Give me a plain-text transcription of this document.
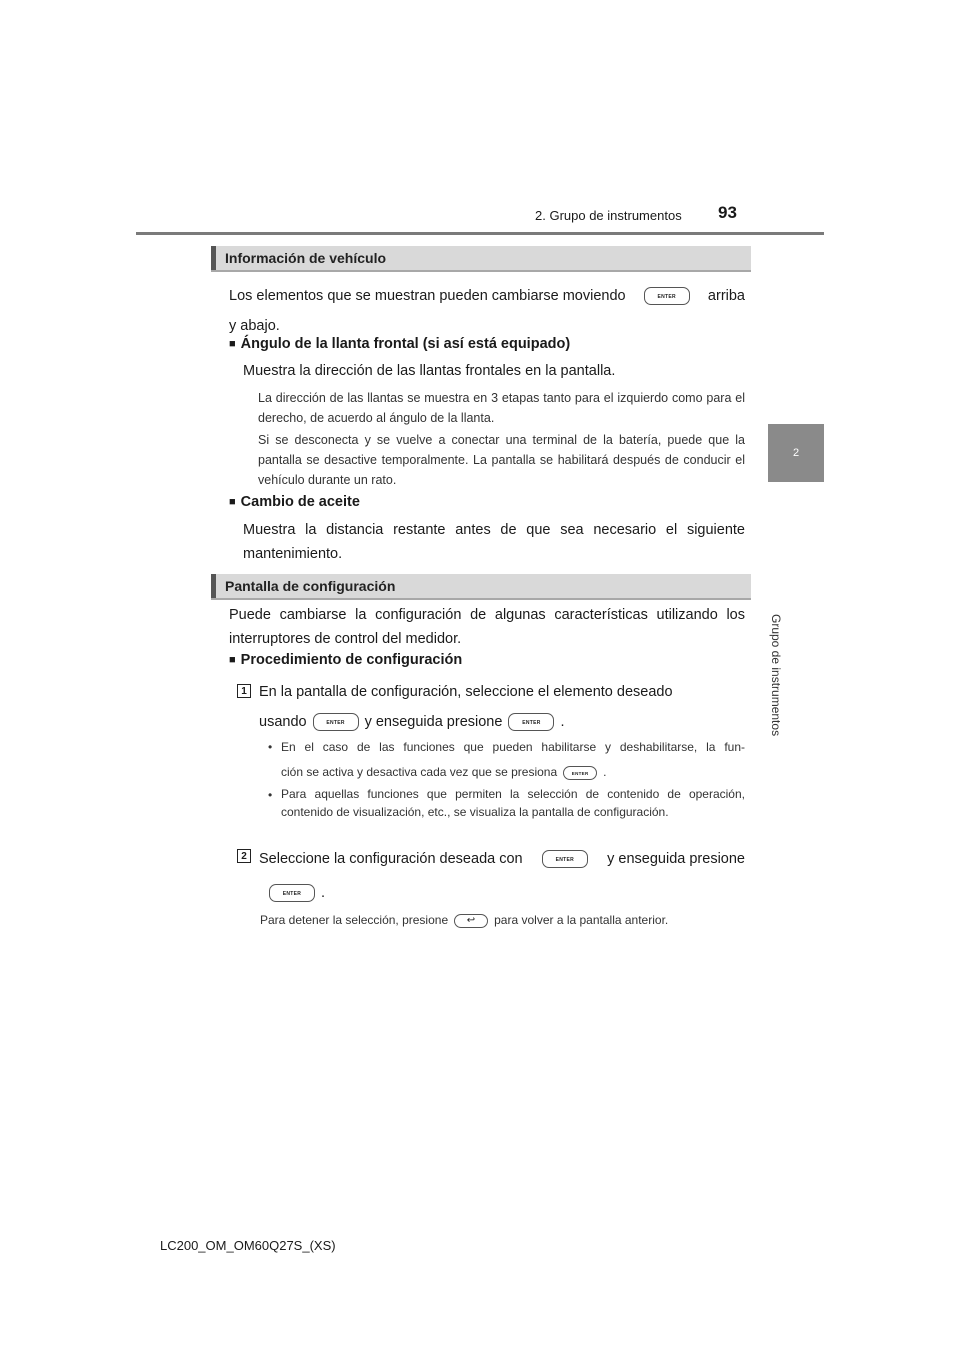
2. Grupo de instrumentos 93
2
Grupo de instrumentos
Información de vehículo
Los elementos que se muestran pueden cambiarse moviendo	ENTER	arriba
y abajo.
■ Ángulo de la llanta frontal (si así está equipado)
Muestra la dirección de las llantas frontales en la pantalla.
La dirección de las llantas se muestra en 3 etapas tanto para el izquierdo como para el derecho, de acuerdo al ángulo de la llanta.
Si se desconecta y se vuelve a conectar una terminal de la batería, puede que la pantalla se desactive temporalmente. La pantalla se habilitará después de conducir el vehículo durante un rato.
■ Cambio de aceite
Muestra la distancia restante antes de que sea necesario el siguiente mantenimiento.
Pantalla de configuración
Puede cambiarse la configuración de algunas características utilizando los interruptores de control del medidor.
■ Procedimiento de configuración
1 En la pantalla de configuración, seleccione el elemento deseado
usando	ENTER y enseguida presione	ENTER .
• En el caso de las funciones que pueden habilitarse y deshabilitarse, la fun-
ción se activa y desactiva cada vez que se presiona	ENTER .
• Para aquellas funciones que permiten la selección de contenido de operación, contenido de visualización, etc., se visualiza la pantalla de configuración.
2 Seleccione la configuración deseada con	ENTER	y enseguida presione
ENTER .
Para detener la selección, presione ↩ para volver a la pantalla anterior.
LC200_OM_OM60Q27S_(XS)
